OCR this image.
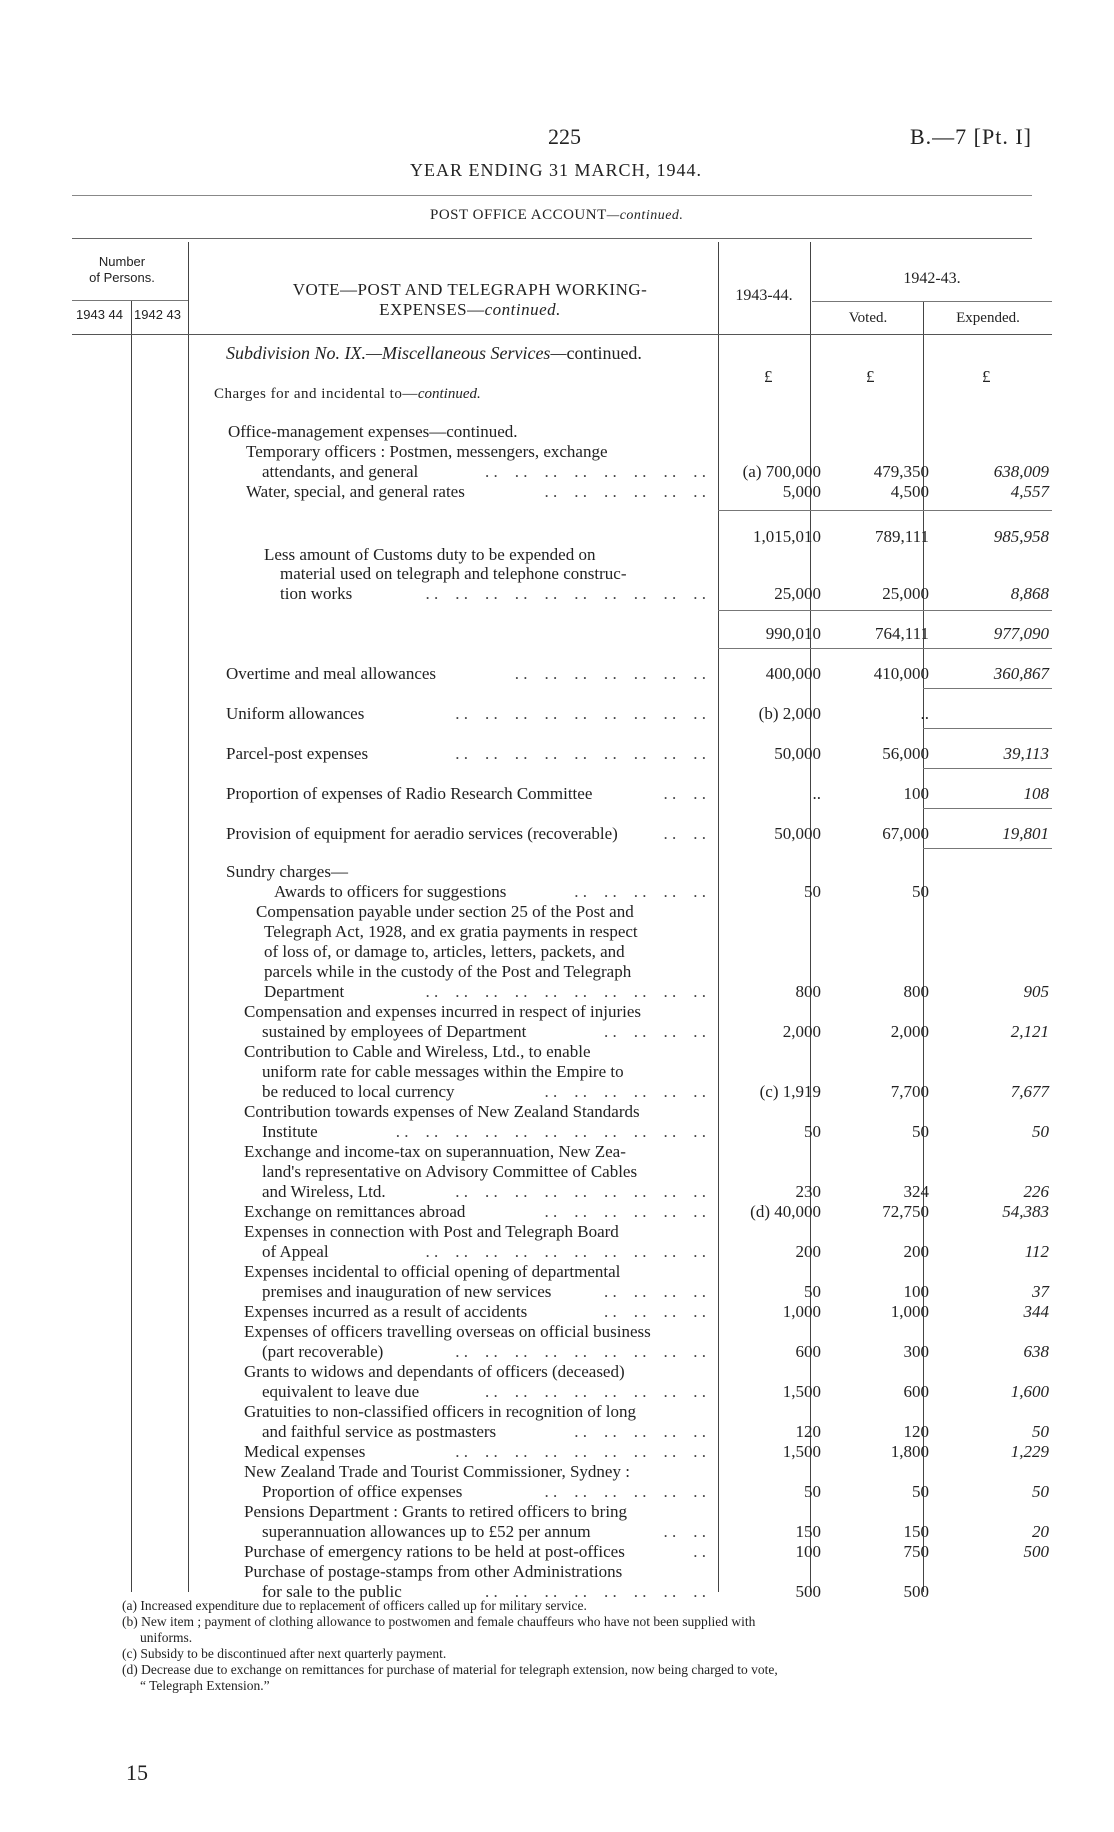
225	B.—7 [Pt. I]
YEAR ENDING 31 MARCH, 1944.
POST OFFICE ACCOUNT—continued.
Number
of Persons.
1943 44 1942 43
VOTE—POST AND TELEGRAPH WORKING-
EXPENSES—continued.
1943-44.
1942-43.
Voted.	Expended.
£	£	£
Subdivision No. IX.—Miscellaneous Services—continued.
Charges for and incidental to—continued.
Office-management expenses—continued.
Temporary officers : Postmen, messengers, exchange
attendants, and general	. .    . .    . .    . .    . .    . .    . .    . . (a) 700,000	479,350	638,009
Water, special, and general rates	. .    . .    . .    . .    . .    . .	5,000	4,500	4,557
1,015,010	789,111	985,958
Less amount of Customs duty to be expended on
material used on telegraph and telephone construc-
tion works	. .    . .    . .    . .    . .    . .    . .    . .    . .    . .	25,000	25,000	8,868
990,010	764,111	977,090
Overtime and meal allowances	. .    . .    . .    . .    . .    . .    . .	400,000	410,000	360,867
Uniform allowances	. .    . .    . .    . .    . .    . .    . .    . .    . .	(b) 2,000	..
Parcel-post expenses	. .    . .    . .    . .    . .    . .    . .    . .    . .	50,000	56,000	39,113
Proportion of expenses of Radio Research Committee	. .    . .	..	100	108
Provision of equipment for aeradio services (recoverable)	. .    . .	50,000	67,000	19,801
Sundry charges—
Awards to officers for suggestions	. .    . .    . .    . .    . .	50	50
Compensation payable under section 25 of the Post and
Telegraph Act, 1928, and ex gratia payments in respect
of loss of, or damage to, articles, letters, packets, and
parcels while in the custody of the Post and Telegraph
Department	. .    . .    . .    . .    . .    . .    . .    . .    . .    . .	800	800	905
Compensation and expenses incurred in respect of injuries
sustained by employees of Department	. .    . .    . .    . .	2,000	2,000	2,121
Contribution to Cable and Wireless, Ltd., to enable
uniform rate for cable messages within the Empire to
be reduced to local currency	. .    . .    . .    . .    . .    . .	(c) 1,919	7,700	7,677
Contribution towards expenses of New Zealand Standards
Institute	. .    . .    . .    . .    . .    . .    . .    . .    . .    . .    . .	50	50	50
Exchange and income-tax on superannuation, New Zea-
land's representative on Advisory Committee of Cables
and Wireless, Ltd.	. .    . .    . .    . .    . .    . .    . .    . .    . .	230	324	226
Exchange on remittances abroad	. .    . .    . .    . .    . .    . .	(d) 40,000	72,750	54,383
Expenses in connection with Post and Telegraph Board
of Appeal	. .    . .    . .    . .    . .    . .    . .    . .    . .    . .	200	200	112
Expenses incidental to official opening of departmental
premises and inauguration of new services	. .    . .    . .    . .	50	100	37
Expenses incurred as a result of accidents	. .    . .    . .    . .	1,000	1,000	344
Expenses of officers travelling overseas on official business
(part recoverable)	. .    . .    . .    . .    . .    . .    . .    . .    . .	600	300	638
Grants to widows and dependants of officers (deceased)
equivalent to leave due	. .    . .    . .    . .    . .    . .    . .    . .	1,500	600	1,600
Gratuities to non-classified officers in recognition of long
and faithful service as postmasters	. .    . .    . .    . .    . .	120	120	50
Medical expenses	. .    . .    . .    . .    . .    . .    . .    . .    . .	1,500	1,800	1,229
New Zealand Trade and Tourist Commissioner, Sydney :
Proportion of office expenses	. .    . .    . .    . .    . .    . .	50	50	50
Pensions Department : Grants to retired officers to bring
superannuation allowances up to £52 per annum	. .    . .	150	150	20
Purchase of emergency rations to be held at post-offices	. .	100	750	500
Purchase of postage-stamps from other Administrations
for sale to the public	. .    . .    . .    . .    . .    . .    . .    . .	500	500
(a) Increased expenditure due to replacement of officers called up for military service.
(b) New item ; payment of clothing allowance to postwomen and female chauffeurs who have not been supplied with
uniforms.
(c) Subsidy to be discontinued after next quarterly payment.
(d) Decrease due to exchange on remittances for purchase of material for telegraph extension, now being charged to vote,
“ Telegraph Extension.”
15
